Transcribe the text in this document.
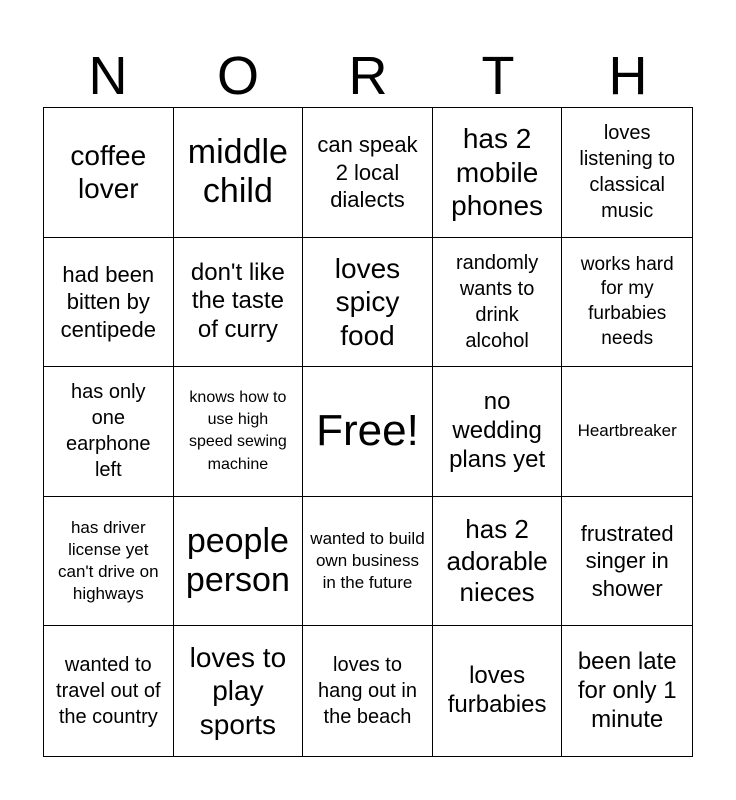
N	O	R	T	H
coffee lover
middle child
can speak 2 local dialects
has 2 mobile phones
loves listening to classical music
had been bitten by centipede
don't like the taste of curry
loves spicy food
randomly wants to drink alcohol
works hard for my furbabies needs
has only one earphone left
knows how to use high speed sewing machine
Free!
no wedding plans yet
Heartbreaker
has driver license yet can't drive on highways
people person
wanted to build own business in the future
has 2 adorable nieces
frustrated singer in shower
wanted to travel out of the country
loves to play sports
loves to hang out in the beach
loves furbabies
been late for only 1 minute
